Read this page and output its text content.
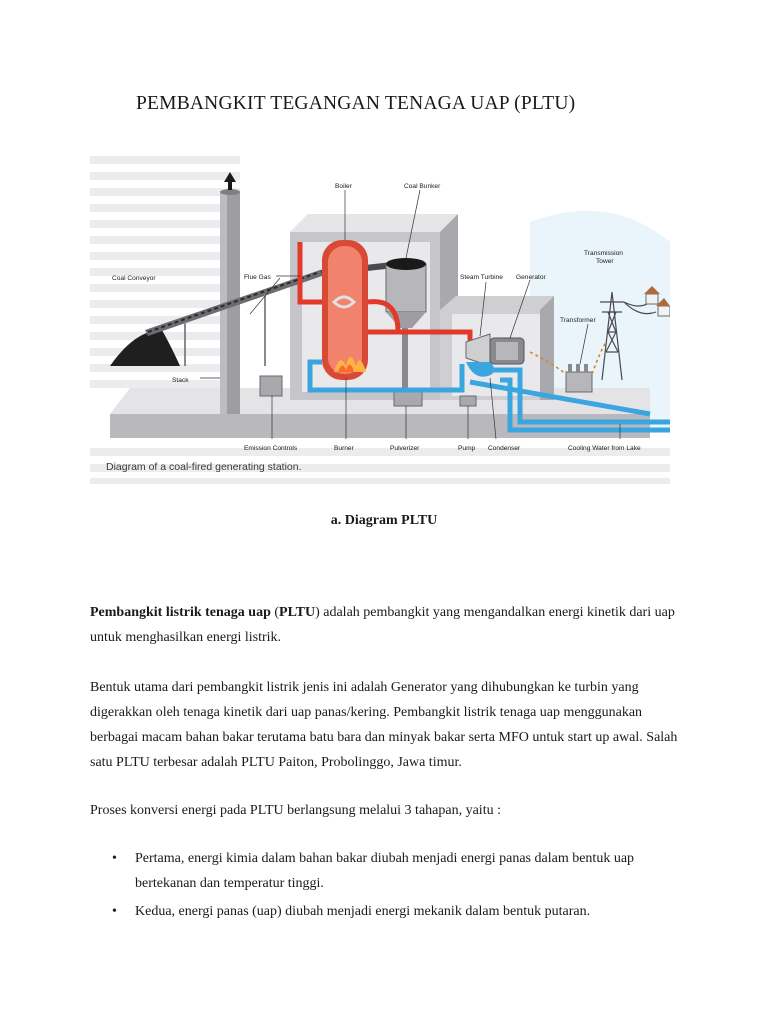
PEMBANGKIT TEGANGAN TENAGA UAP (PLTU)
Boiler	Coal Bunker
Coal Conveyor	Flue Gas	Steam Turbine Generator
Transmission
Tower
Transformer
Stack
Emission Controls	Burner	Pulverizer	Pump Condenser	Cooling Water from Lake
Diagram of a coal-fired generating station.
a. Diagram PLTU

Pembangkit listrik tenaga uap (PLTU) adalah pembangkit yang mengandalkan energi kinetik dari uap untuk menghasilkan energi listrik.

Bentuk utama dari pembangkit listrik jenis ini adalah Generator yang dihubungkan ke turbin yang digerakkan oleh tenaga kinetik dari uap panas/kering. Pembangkit listrik tenaga uap menggunakan berbagai macam bahan bakar terutama batu bara dan minyak bakar serta MFO untuk start up awal. Salah satu PLTU terbesar adalah PLTU Paiton, Probolinggo, Jawa timur.

Proses konversi energi pada PLTU berlangsung melalui 3 tahapan, yaitu :

• Pertama, energi kimia dalam bahan bakar diubah menjadi energi panas dalam bentuk uap bertekanan dan temperatur tinggi.
• Kedua, energi panas (uap) diubah menjadi energi mekanik dalam bentuk putaran.
